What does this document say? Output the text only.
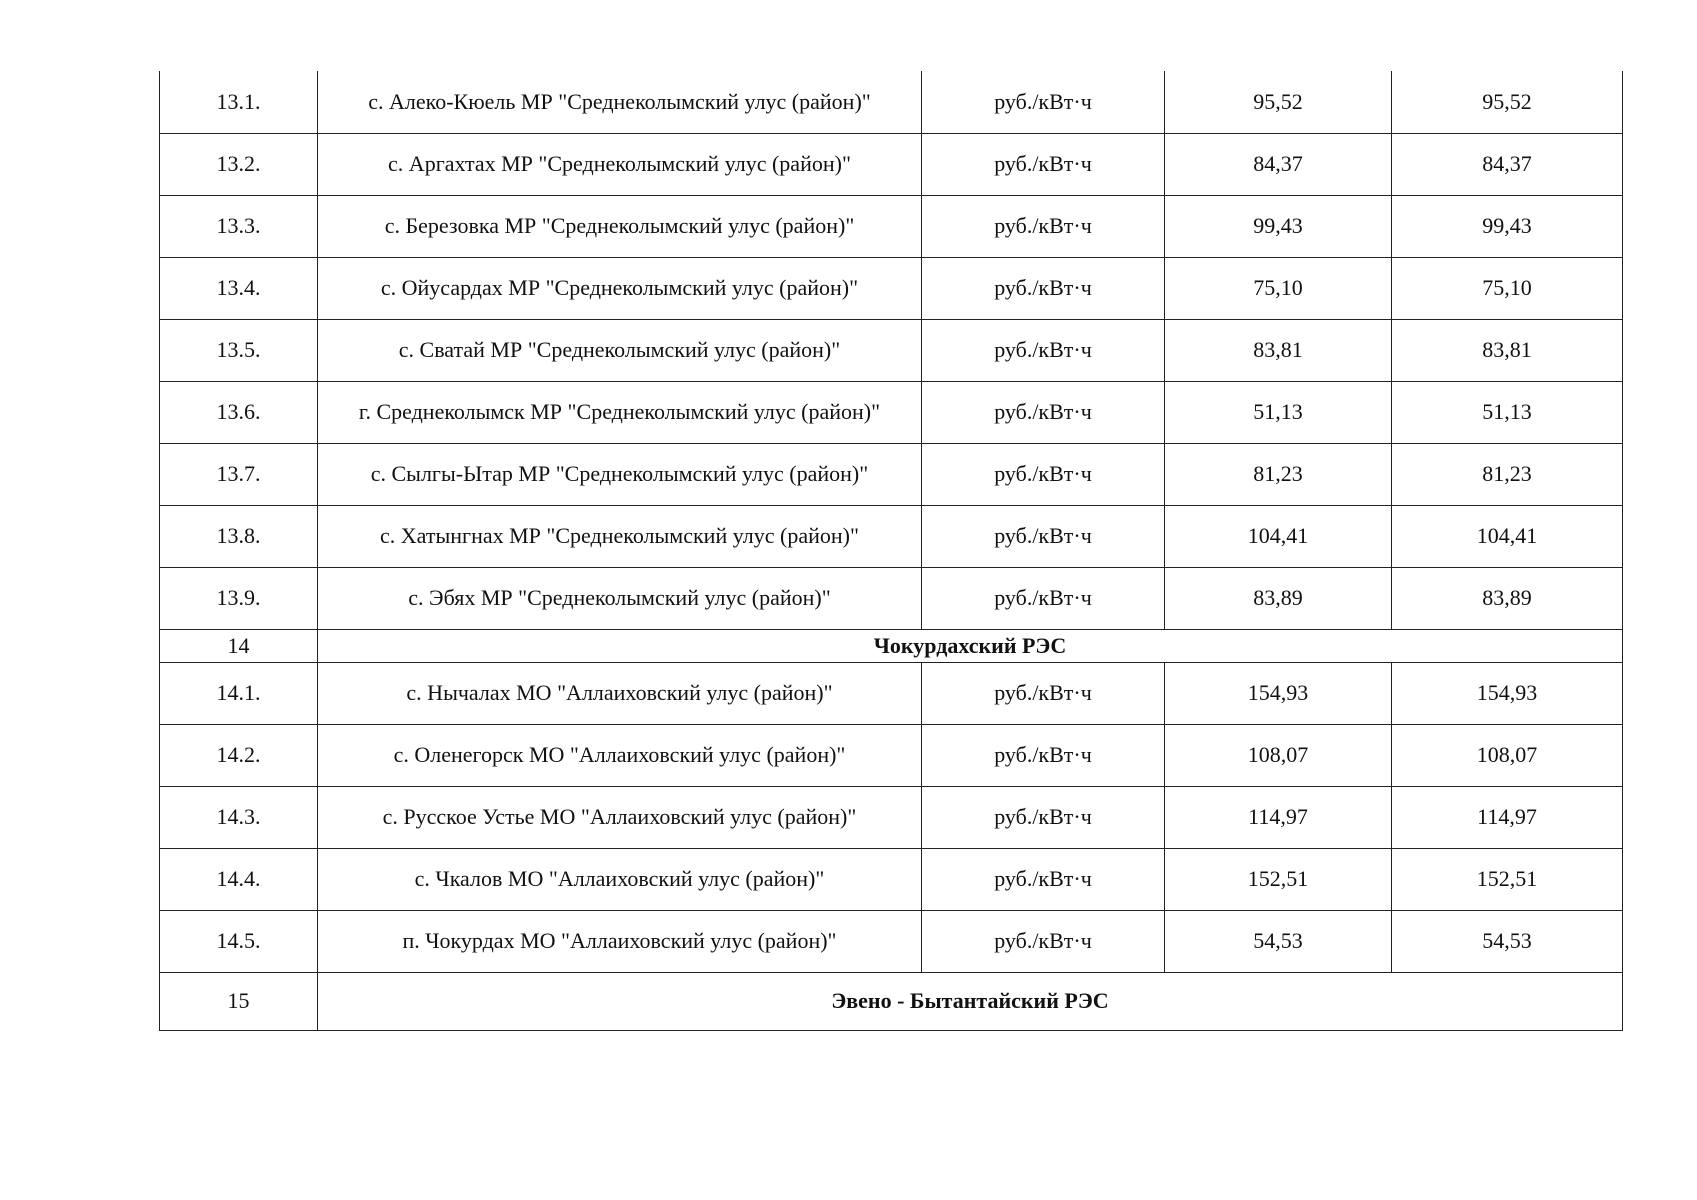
13.1.	с. Алеко-Кюель МР "Среднеколымский улус (район)"	руб./кВт·ч	95,52	95,52
13.2.	с. Аргахтах МР "Среднеколымский улус (район)"	руб./кВт·ч	84,37	84,37
13.3.	с. Березовка МР "Среднеколымский улус (район)"	руб./кВт·ч	99,43	99,43
13.4.	с. Ойусардах МР "Среднеколымский улус (район)"	руб./кВт·ч	75,10	75,10
13.5.	с. Сватай МР "Среднеколымский улус (район)"	руб./кВт·ч	83,81	83,81
13.6.	г. Среднеколымск МР "Среднеколымский улус (район)"	руб./кВт·ч	51,13	51,13
13.7.	с. Сылгы-Ытар МР "Среднеколымский улус (район)"	руб./кВт·ч	81,23	81,23
13.8.	с. Хатынгнах МР "Среднеколымский улус (район)"	руб./кВт·ч	104,41	104,41
13.9.	с. Эбях МР "Среднеколымский улус (район)"	руб./кВт·ч	83,89	83,89
14	Чокурдахский РЭС			
14.1.	с. Нычалах МО "Аллаиховский улус (район)"	руб./кВт·ч	154,93	154,93
14.2.	с. Оленегорск МО "Аллаиховский улус (район)"	руб./кВт·ч	108,07	108,07
14.3.	с. Русское Устье МО "Аллаиховский улус (район)"	руб./кВт·ч	114,97	114,97
14.4.	с. Чкалов МО "Аллаиховский улус (район)"	руб./кВт·ч	152,51	152,51
14.5.	п. Чокурдах МО "Аллаиховский улус (район)"	руб./кВт·ч	54,53	54,53
15	Эвено - Бытантайский РЭС			
